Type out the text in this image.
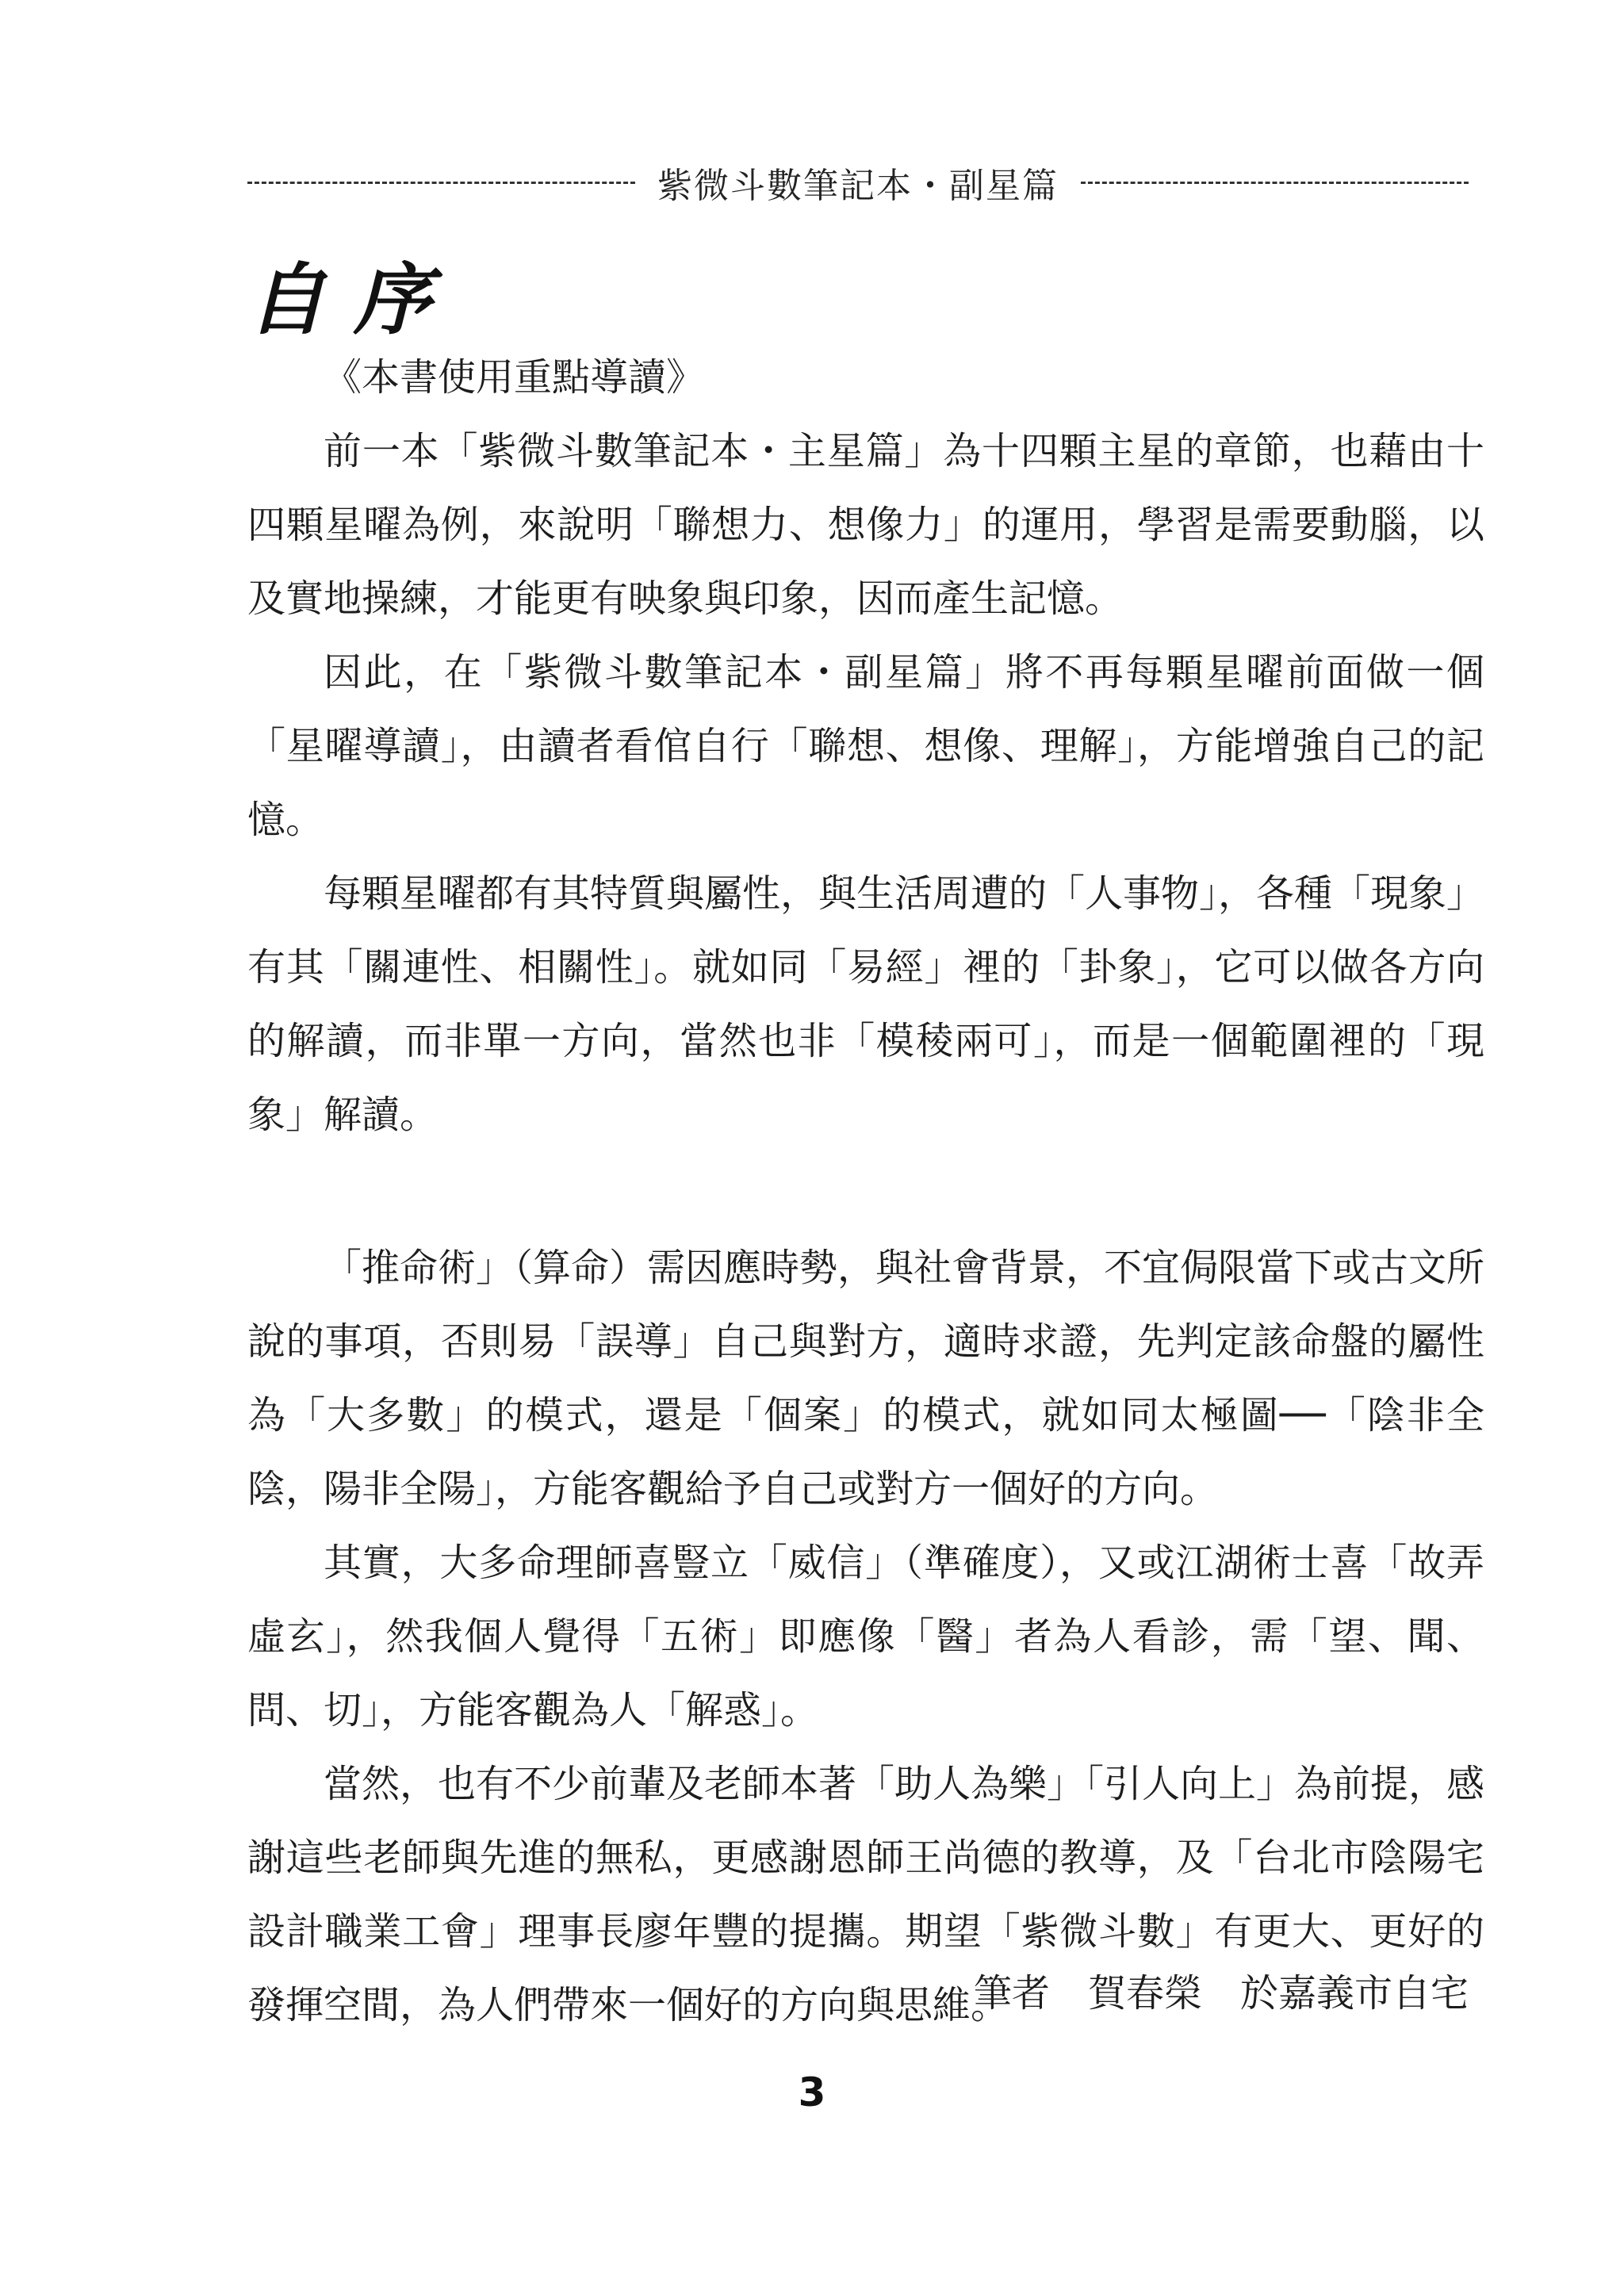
紫微斗數筆記本・副星篇
自序

《本書使用重點導讀》

前一本「紫微斗數筆記本・主星篇」為十四顆主星的章節，也藉由十四顆星曜為例，來說明「聯想力、想像力」的運用，學習是需要動腦，以及實地操練，才能更有映象與印象，因而產生記憶。

因此，在「紫微斗數筆記本・副星篇」將不再每顆星曜前面做一個「星曜導讀」，由讀者看倌自行「聯想、想像、理解」，方能增強自己的記憶。

每顆星曜都有其特質與屬性，與生活周遭的「人事物」，各種「現象」有其「關連性、相關性」。就如同「易經」裡的「卦象」，它可以做各方向的解讀，而非單一方向，當然也非「模稜兩可」，而是一個範圍裡的「現象」解讀。

「推命術」（算命）需因應時勢，與社會背景，不宜侷限當下或古文所說的事項，否則易「誤導」自己與對方，適時求證，先判定該命盤的屬性為「大多數」的模式，還是「個案」的模式，就如同太極圖──「陰非全陰，陽非全陽」，方能客觀給予自己或對方一個好的方向。

其實，大多命理師喜豎立「威信」（準確度），又或江湖術士喜「故弄虛玄」，然我個人覺得「五術」即應像「醫」者為人看診，需「望、聞、問、切」，方能客觀為人「解惑」。

當然，也有不少前輩及老師本著「助人為樂」「引人向上」為前提，感謝這些老師與先進的無私，更感謝恩師王尚德的教導，及「台北市陰陽宅設計職業工會」理事長廖年豐的提攜。期望「紫微斗數」有更大、更好的發揮空間，為人們帶來一個好的方向與思維。

筆者　賀春榮　於嘉義市自宅
3
